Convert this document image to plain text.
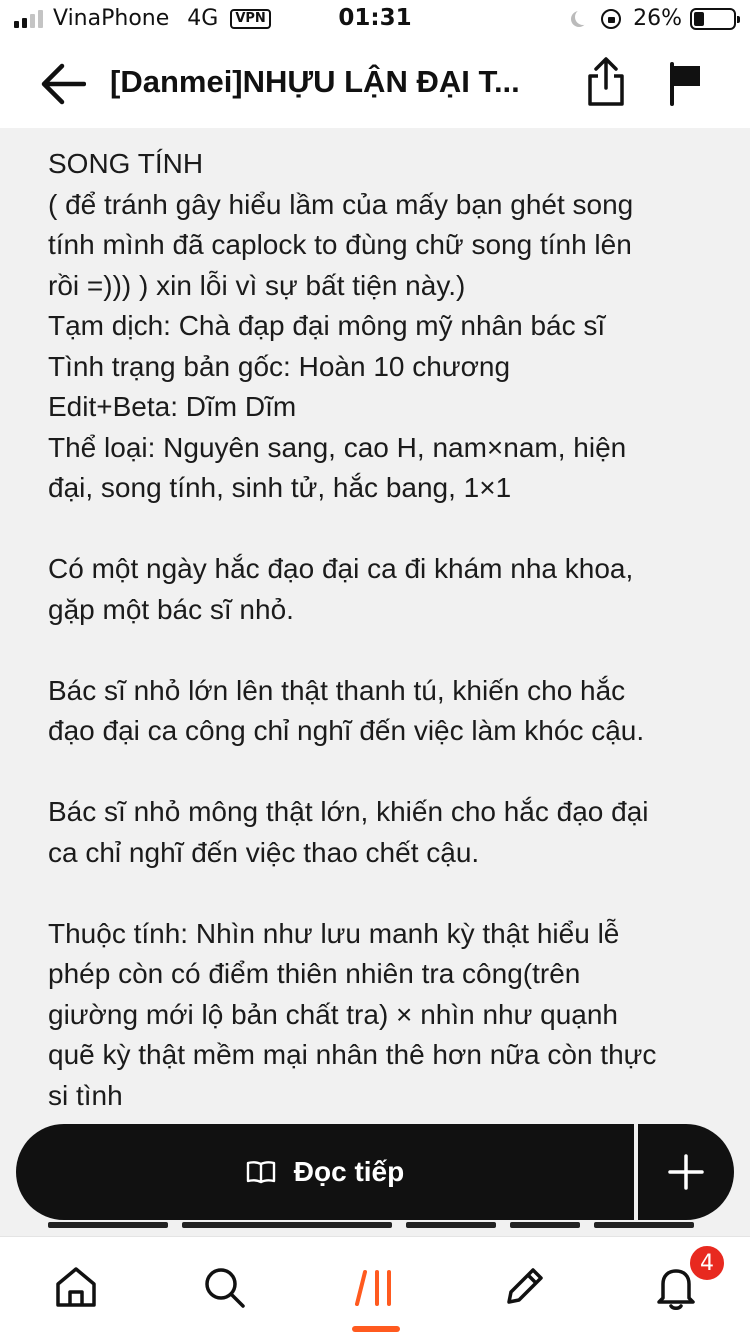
VinaPhone 4G	VPN	01:31	26%
[Danmei]NHỰU LẬN ĐẠI T...

SONG TÍNH

( để tránh gây hiểu lầm của mấy bạn ghét song

tính mình đã caplock to đùng chữ song tính lên

rồi =))) ) xin lỗi vì sự bất tiện này.)

Tạm dịch: Chà đạp đại mông mỹ nhân bác sĩ

Tình trạng bản gốc: Hoàn 10 chương

Edit+Beta: Dĩm Dĩm

Thể loại: Nguyên sang, cao H, nam×nam, hiện

đại, song tính, sinh tử, hắc bang, 1×1

Có một ngày hắc đạo đại ca đi khám nha khoa,

gặp một bác sĩ nhỏ.

Bác sĩ nhỏ lớn lên thật thanh tú, khiến cho hắc

đạo đại ca công chỉ nghĩ đến việc làm khóc cậu.

Bác sĩ nhỏ mông thật lớn, khiến cho hắc đạo đại

ca chỉ nghĩ đến việc thao chết cậu.

Thuộc tính: Nhìn như lưu manh kỳ thật hiểu lễ

phép còn có điểm thiên nhiên tra công(trên

giường mới lộ bản chất tra) × nhìn như quạnh

quẽ kỳ thật mềm mại nhân thê hơn nữa còn thực

si tình

Đọc tiếp
4
